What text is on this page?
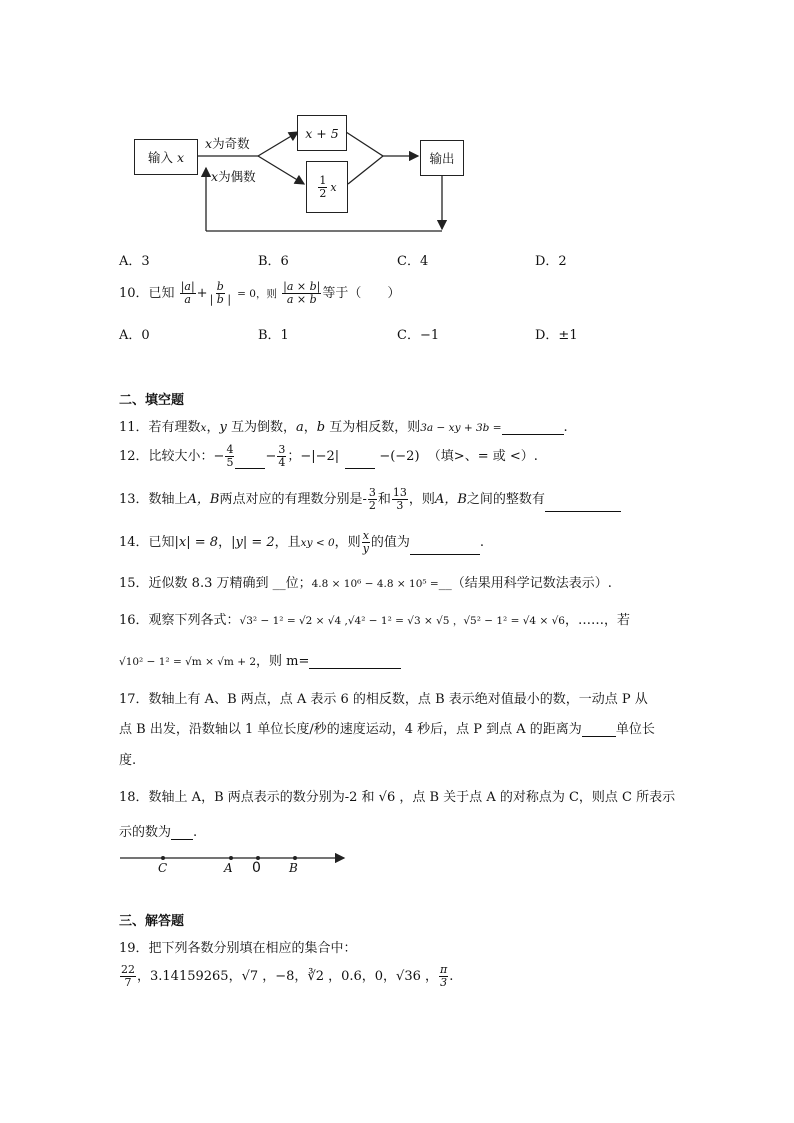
输入
x
x为奇数
x为偶数
x + 5
$\frac{1}{2}$ x
输出
A．3	B．6	C．4	D．2
10．已知 $\frac{|a|}{a} + \frac{b}{| b |} = 0$，则 $\frac{|a \times b|}{a \times b}$ 等于（　　）
A．0	B．1	C．−1	D．±1
二、填空题
11．若有理数x，y 互为倒数，a，b 互为相反数，则3a − xy + 3b =	.
12．比较大小：− $\frac{4}{5} - \frac{3}{4}$ ；−|−2|	−(−2) （填>、= 或 <）.
13．数轴上A，B两点对应的有理数分别是- $\frac{3}{2}$ 和 $\frac{13}{3}$ ，则A，B之间的整数有
14．已知|x| = 8，|y| = 2，且xy < 0，则 $\frac{x}{y}$ 的值为	.
15．近似数 8.3 万精确到 __位；4.8 × 10⁶ − 4.8 × 10⁵ =__（结果用科学记数法表示）.
16．观察下列各式：√3² − 1² = √2 × √4 ,√4² − 1² = √3 × √5 ，√5² − 1² = √4 × √6，……，若
√10² − 1² = √m × √m + 2，则 m=
17．数轴上有 A、B 两点，点 A 表示 6 的相反数，点 B 表示绝对值最小的数，一动点 P 从
点 B 出发，沿数轴以 1 单位长度/秒的速度运动，4 秒后，点 P 到点 A 的距离为	单位长
度.
18．数轴上 A，B 两点表示的数分别为-2 和 √6 ，点 B 关于点 A 的对称点为 C，则点 C 所表示
示的数为 .
C	A 0 B
三、解答题
19．把下列各数分别填在相应的集合中：
$\frac{22}{7}$ ，3.14159265，√7 ，−8，∛2 ，0.6，0，√36 ， $\frac{\pi}{3}$ .
